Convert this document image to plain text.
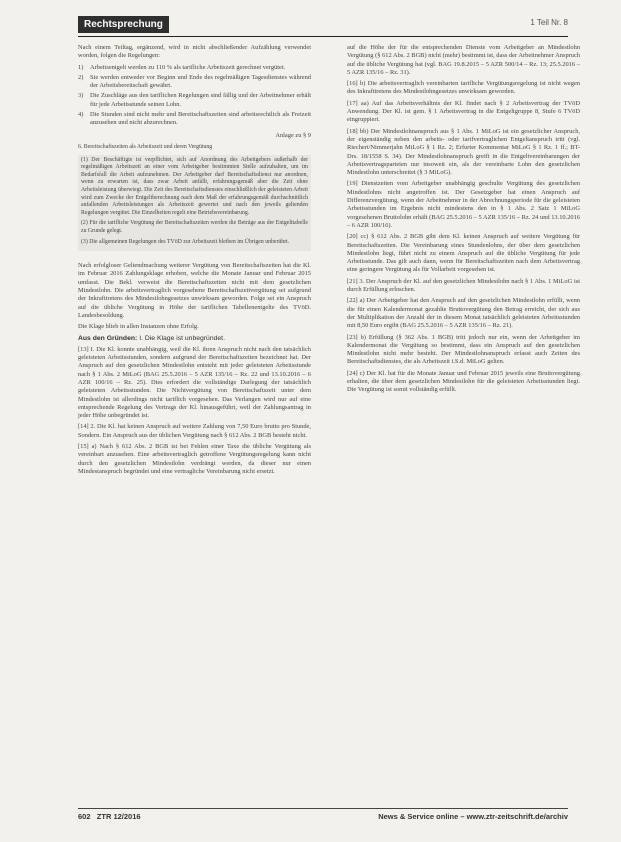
Rechtsprechung	1 Teil Nr. 8

Nach einem Teiltag, ergänzend, wird in nicht abschließender Aufzählung verwendet worden, folgen die Regelungen:

1)	Arbeitsentgelt werden zu 110 % als tarifliche Arbeitszeit gerechnet vergütet.
2)	Sie werden entweder vor Beginn und Ende des regelmäßigen Tagesdienstes während der Arbeitsbereitschaft gewährt.
3)	Die Zuschläge aus den tariflichen Regelungen sind fällig und der Arbeitnehmer erhält für jede Arbeitsstunde seinen Lohn.
4)	Die Stunden sind nicht mehr und Bereitschaftszeiten sind arbeitsrechtlich als Freizeit anzusehen und nicht abzurechnen.
Anlage zu § 9

6. Bereitschaftszeiten als Arbeitszeit und deren Vergütung

(1) Der Beschäftigte ist verpflichtet, sich auf Anordnung des Arbeitgebers außerhalb der regelmäßigen Arbeitszeit an einer vom Arbeitgeber bestimmten Stelle aufzuhalten, um im Bedarfsfall die Arbeit aufzunehmen. Der Arbeitgeber darf Bereitschaftsdienst nur anordnen, wenn zu erwarten ist, dass zwar Arbeit anfällt, erfahrungsgemäß aber die Zeit ohne Arbeitsleistung überwiegt. Die Zeit des Bereitschaftsdienstes einschließlich der geleisteten Arbeit wird zum Zwecke der Entgeltberechnung nach dem Maß der erfahrungsgemäß durchschnittlich anfallenden Arbeitsleistungen als Arbeitszeit gewertet und nach den jeweils geltenden Regelungen vergütet. Die Einzelheiten regelt eine Betriebsvereinbarung.

(2) Für die tarifliche Vergütung der Bereitschaftszeiten werden die Beträge aus der Entgelttabelle zu Grunde gelegt.

(3) Die allgemeinen Regelungen des TVöD zur Arbeitszeit bleiben im Übrigen unberührt.

Nach erfolgloser Geltendmachung weiterer Vergütung von Bereitschaftszeiten hat die Kl. im Februar 2016 Zahlungsklage erhoben, welche die Monate Januar und Februar 2015 umfasst. Die Bekl. verweist die Bereitschaftszeiten nicht mit dem gesetzlichen Mindestlohn. Die arbeitsvertraglich vorgesehene Bereitschaftszeitvergütung sei aufgrund der Inkrafttretens des Mindestlohngesetzes unwirksam geworden. Folge sei ein Anspruch auf die übliche Vergütung in Höhe der tariflichen Tabellenentgelte des TVöD. Landesbesoldung.

Die Klage blieb in allen Instanzen ohne Erfolg.

Aus den Gründen: I. Die Klage ist unbegründet.

[13] I. Die Kl. konnte unabhängig, weil die Kl. ihren Anspruch nicht nach den tatsächlich geleisteten Arbeitsstunden, sondern aufgrund der Bereitschaftszeiten bezeichnet hat. Der Anspruch auf den gesetzlichen Mindestlohn entsteht mit jeder geleisteten Arbeitsstunde nach § 1 Abs. 2 MiLoG (BAG 25.5.2016 – 5 AZR 135/16 – Rz. 22 und 13.10.2016 – 6 AZR 100/16 – Rz. 25). Dies erfordert die vollständige Darlegung der tatsächlich geleisteten Arbeitsstunden. Die Nichtvergütung von Bereitschaftszeit unter dem Mindestlohn ist allerdings nicht tariflich vorgesehen. Das Verlangen wird nur auf eine entsprechende Regelung des Vertrags der Kl. hinausgeführt, weil der Zahlungsantrag in jeder Höhe unbegründet ist.

[14] 2. Die Kl. hat keinen Anspruch auf weitere Zahlung von 7,50 Euro brutto pro Stunde, Sondern. Ein Anspruch aus der üblichen Vergütung nach § 612 Abs. 2 BGB besteht nicht.

[15] a) Nach § 612 Abs. 2 BGB ist bei Fehlen einer Taxe die übliche Vergütung als vereinbart anzusehen. Eine arbeitsvertraglich getroffene Vergütungsregelung kann nicht durch den gesetzlichen Mindestlohn verdrängt werden, da dieser nur einen Mindestanspruch begründet und eine vertragliche Vereinbarung nicht ersetzt.

auf die Höhe der für die entsprechenden Dienste vom Arbeitgeber an Mindestlohn Vergütung (§ 612 Abs. 2 BGB) nicht (mehr) bestimmt ist, dass der Arbeitnehmer Anspruch auf die übliche Vergütung hat (vgl. BAG 19.8.2015 – 5 AZR 500/14 – Rz. 13; 25.5.2016 – 5 AZR 135/16 – Rz. 31).

[16] b) Die arbeitsvertraglich vereinbarten tarifliche Vergütungsregelung ist nicht wegen des Inkrafttretens des Mindestlohngesetzes unwirksam geworden.

[17] aa) Auf das Arbeitsverhältnis der Kl. findet nach § 2 Arbeitsvertrag der TVöD Anwendung. Der Kl. ist gem. § 1 Arbeitsvertrag in die Entgeltgruppe 8, Stufe 6 TVöD eingruppiert.

[18] bb) Der Mindestlohnanspruch aus § 1 Abs. 1 MiLoG ist ein gesetzlicher Anspruch, der eigenständig neben den arbeits- oder tarifvertraglichen Entgeltanspruch tritt (vgl. Riechert/Nimmerjahn MiLoG § 1 Rz. 2; Erfurter Kommentar MiLoG § 1 Rz. 1 ff.; BT-Drs. 18/1558 S. 34). Der Mindestlohnanspruch greift in die Entgeltvereinbarungen der Arbeitsvertragsparteien nur insoweit ein, als der vereinbarte Lohn den gesetzlichen Mindestlohn unterschreitet (§ 3 MiLoG).

[19] Dienstzeiten vom Arbeitgeber unabhängig geschulte Vergütung des gesetzlichen Mindestlohns nicht angetroffen ist. Der Gesetzgeber hat einen Anspruch auf Differenzvergütung, wenn der Arbeitnehmer in der Abrechnungsperiode für die geleisteten Arbeitsstunden im Ergebnis nicht mindestens den in § 1 Abs. 2 Satz 1 MiLoG vorgesehenen Bruttolohn erhält (BAG 25.5.2016 – 5 AZR 135/16 – Rz. 24 und 13.10.2016 – 6 AZR 100/16).

[20] cc) § 612 Abs. 2 BGB gibt dem Kl. keinen Anspruch auf weitere Vergütung für Bereitschaftszeiten. Die Vereinbarung eines Stundenlohns, der über dem gesetzlichen Mindestlohn liegt, führt nicht zu einem Anspruch auf die übliche Vergütung für jede Arbeitsstunde. Das gilt auch dann, wenn für Bereitschaftszeiten nach dem Arbeitsvertrag eine geringere Vergütung als für Vollarbeit vorgesehen ist.

[21] 3. Der Anspruch der Kl. auf den gesetzlichen Mindestlohn nach § 1 Abs. 1 MiLoG ist durch Erfüllung erloschen.

[22] a) Der Arbeitgeber hat den Anspruch auf den gesetzlichen Mindestlohn erfüllt, wenn die für einen Kalendermonat gezahlte Bruttovergütung den Betrag erreicht, der sich aus der Multiplikation der Anzahl der in diesem Monat tatsächlich geleisteten Arbeitsstunden mit 8,50 Euro ergibt (BAG 25.5.2016 – 5 AZR 135/16 – Rz. 21).

[23] b) Erfüllung (§ 362 Abs. 1 BGB) tritt jedoch nur ein, wenn der Arbeitgeber im Kalendermonat die Vergütung so bestimmt, dass ein Anspruch auf den gesetzlichen Mindestlohn nicht mehr besteht. Der Mindestlohnanspruch erfasst auch Zeiten des Bereitschaftsdienstes, die als Arbeitszeit i.S.d. MiLoG gelten.

[24] c) Der Kl. hat für die Monate Januar und Februar 2015 jeweils eine Bruttovergütung erhalten, die über dem gesetzlichen Mindestlohn für die geleisteten Arbeitsstunden liegt. Die Vergütung ist somit vollständig erfüllt.

602 ZTR 12/2016	News & Service online – www.ztr-zeitschrift.de/archiv
